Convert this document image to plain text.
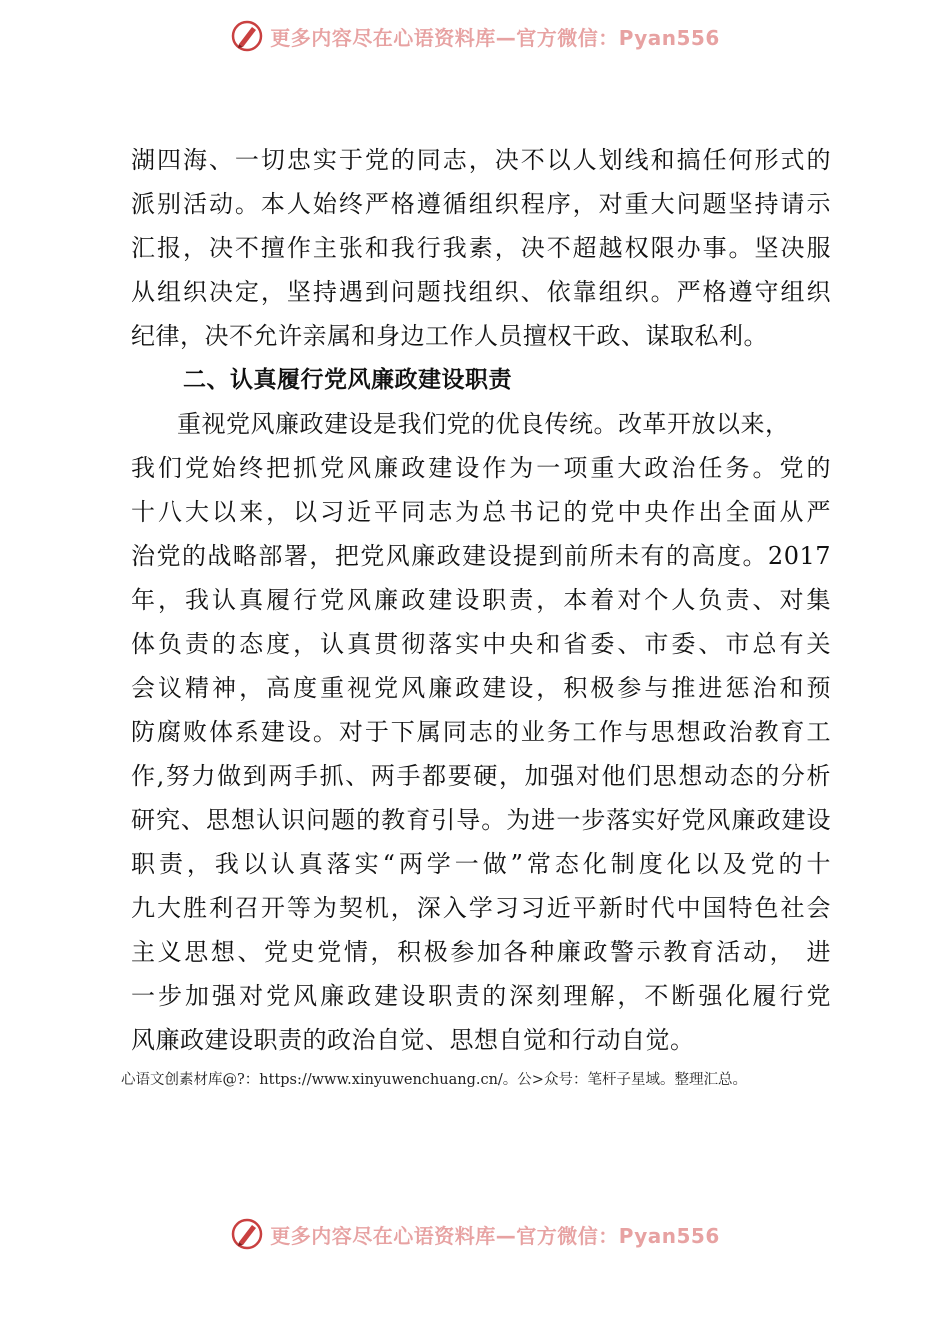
更多内容尽在心语资料库—官方微信：Pyan556
湖四海、一切忠实于党的同志，决不以人划线和搞任何形式的
派别活动。本人始终严格遵循组织程序，对重大问题坚持请示
汇报，决不擅作主张和我行我素，决不超越权限办事。坚决服
从组织决定，坚持遇到问题找组织、依靠组织。严格遵守组织
纪律，决不允许亲属和身边工作人员擅权干政、谋取私利。
二、认真履行党风廉政建设职责
重视党风廉政建设是我们党的优良传统。改革开放以来，
我们党始终把抓党风廉政建设作为一项重大政治任务。党的
十八大以来，以习近平同志为总书记的党中央作出全面从严
治党的战略部署，把党风廉政建设提到前所未有的高度。2017
年，我认真履行党风廉政建设职责，本着对个人负责、对集
体负责的态度，认真贯彻落实中央和省委、市委、市总有关
会议精神，高度重视党风廉政建设，积极参与推进惩治和预
防腐败体系建设。对于下属同志的业务工作与思想政治教育工
作,努力做到两手抓、两手都要硬，加强对他们思想动态的分析
研究、思想认识问题的教育引导。为进一步落实好党风廉政建设
职责，我以认真落实“两学一做”常态化制度化以及党的十
九大胜利召开等为契机，深入学习习近平新时代中国特色社会
主义思想、党史党情，积极参加各种廉政警示教育活动， 进
一步加强对党风廉政建设职责的深刻理解，不断强化履行党
风廉政建设职责的政治自觉、思想自觉和行动自觉。
心语文创素材库@?：https://www.xinyuwenchuang.cn/。公>众号：笔杆子星域。整理汇总。
更多内容尽在心语资料库—官方微信：Pyan556
